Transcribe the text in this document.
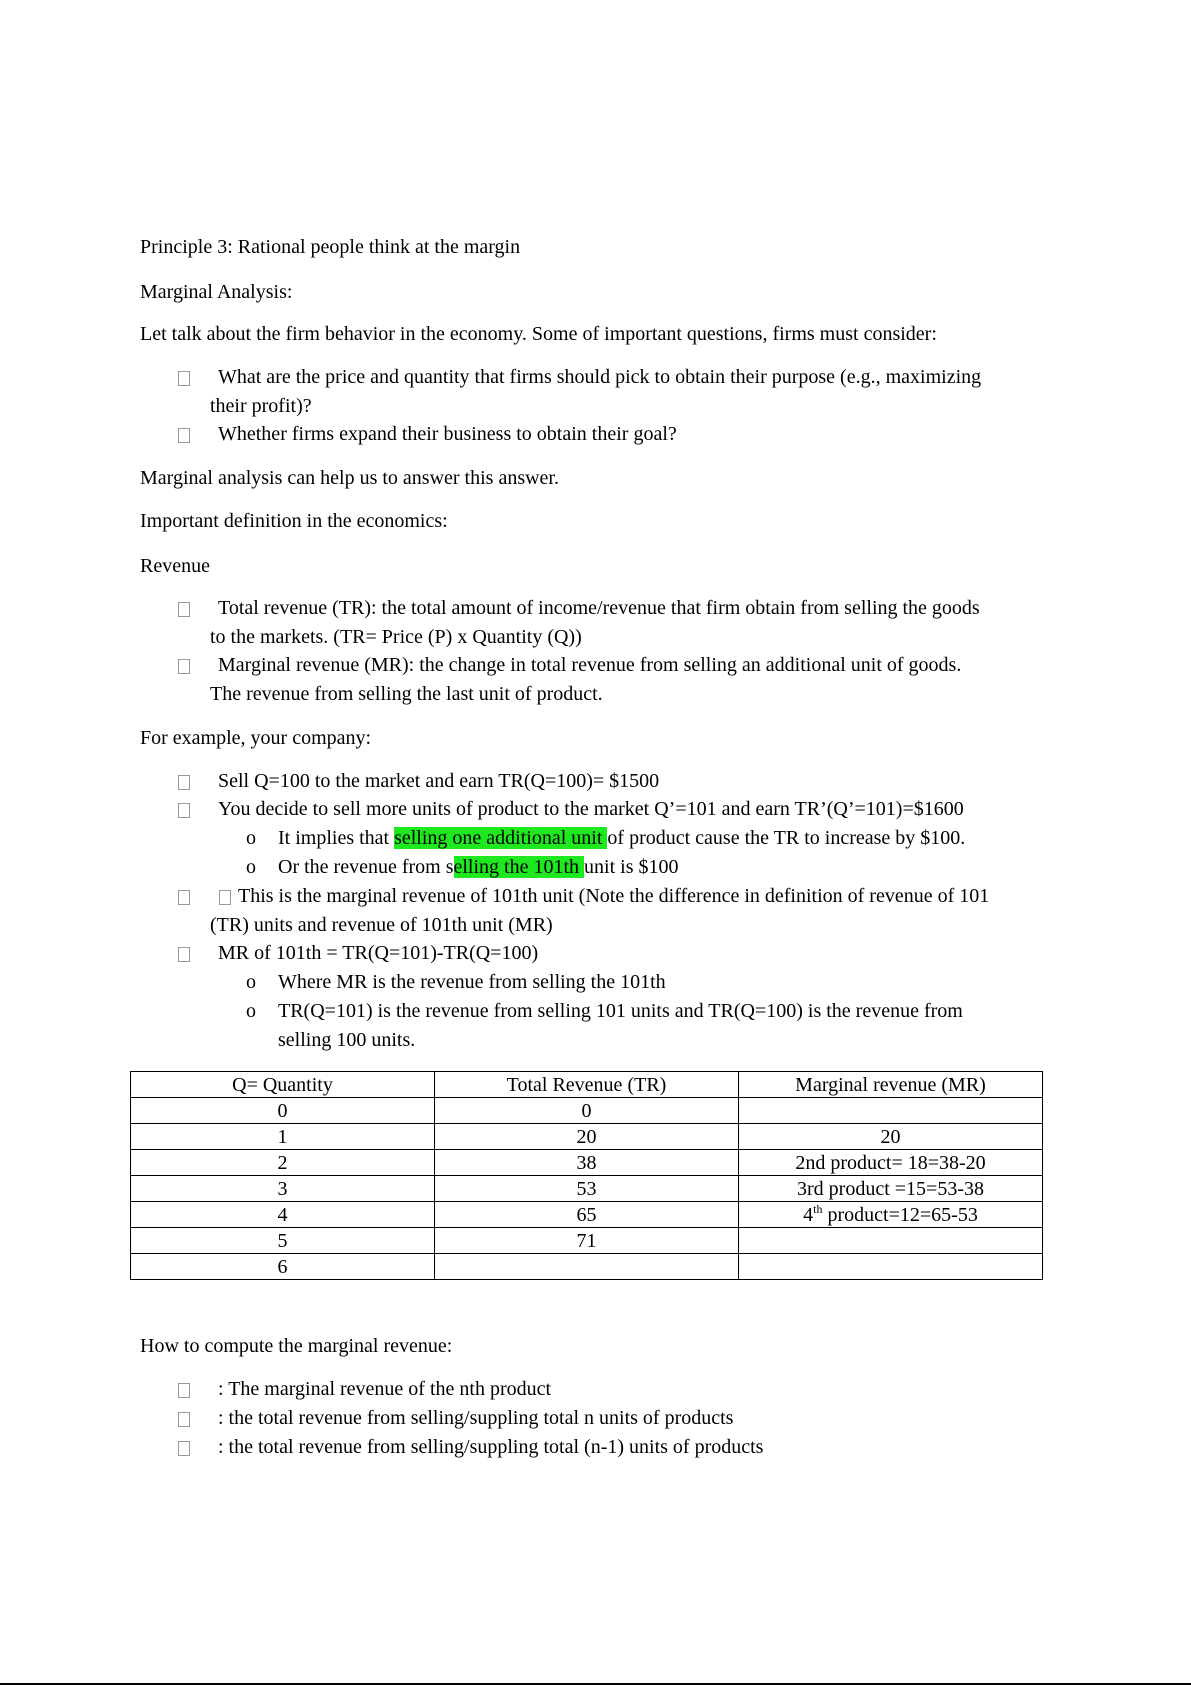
Principle 3: Rational people think at the margin
Marginal Analysis:
Let talk about the firm behavior in the economy. Some of important questions, firms must consider:
What are the price and quantity that firms should pick to obtain their purpose (e.g., maximizing
their profit)?
Whether firms expand their business to obtain their goal?
Marginal analysis can help us to answer this answer.
Important definition in the economics:
Revenue
Total revenue (TR): the total amount of income/revenue that firm obtain from selling the goods
to the markets. (TR= Price (P) x Quantity (Q))
Marginal revenue (MR): the change in total revenue from selling an additional unit of goods.
The revenue from selling the last unit of product.
For example, your company:
Sell Q=100 to the market and earn TR(Q=100)= $1500
You decide to sell more units of product to the market Q’=101 and earn TR’(Q’=101)=$1600
o It implies that selling one additional unit of product cause the TR to increase by $100.
o Or the revenue from selling the 101th unit is $100
This is the marginal revenue of 101th unit (Note the difference in definition of revenue of 101
(TR) units and revenue of 101th unit (MR)
MR of 101th = TR(Q=101)-TR(Q=100)
o Where MR is the revenue from selling the 101th
o TR(Q=101) is the revenue from selling 101 units and TR(Q=100) is the revenue from
selling 100 units.
Q= Quantity	Total Revenue (TR)	Marginal revenue (MR)
0	0	
1	20	20
2	38	2nd product= 18=38-20
3	53	3rd product =15=53-38
4	65	4th product=12=65-53
5	71	
6		
How to compute the marginal revenue:
: The marginal revenue of the nth product
: the total revenue from selling/suppling total n units of products
: the total revenue from selling/suppling total (n-1) units of products
